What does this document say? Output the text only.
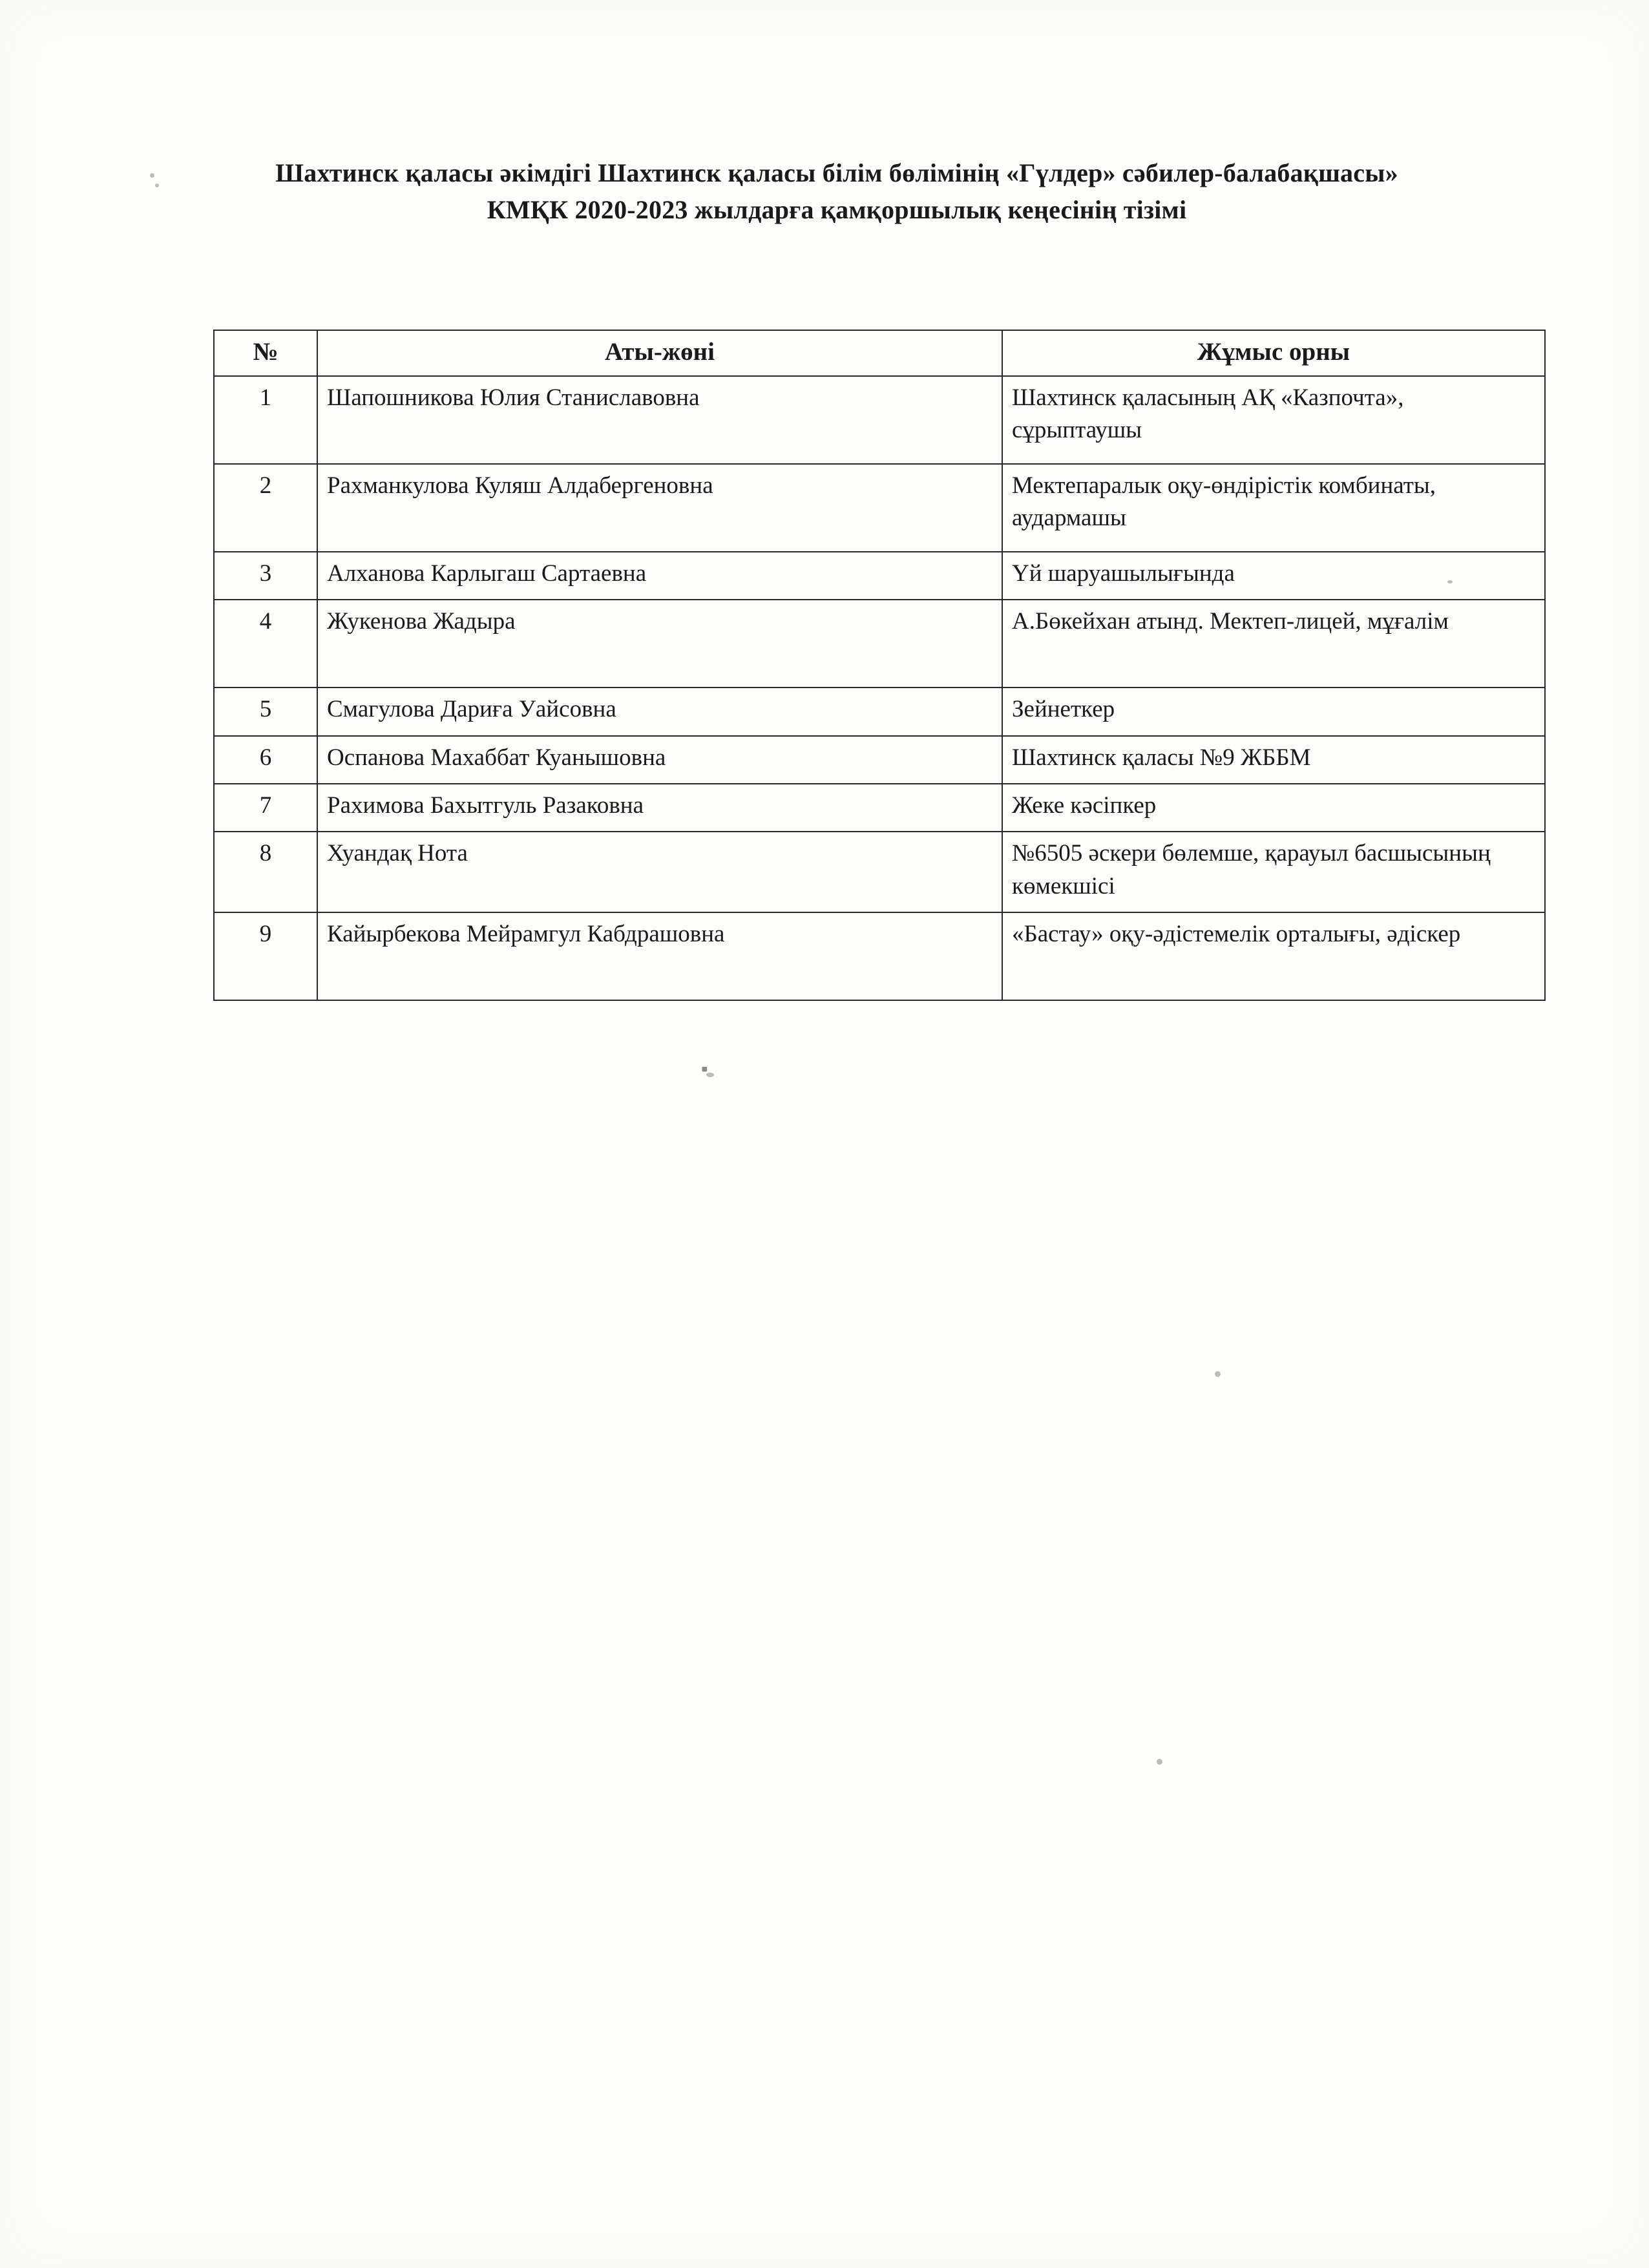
Шахтинск қаласы әкімдігі Шахтинск қаласы білім бөлімінің «Гүлдер» сәбилер-балабақшасы» КМҚК 2020-2023 жылдарға қамқоршылық кеңесінің тізімі
№	Аты-жөні	Жұмыс орны
1	Шапошникова Юлия Станиславовна	Шахтинск қаласының АҚ «Казпочта», сұрыптаушы
2	Рахманкулова Куляш Алдабергеновна	Мектепаралык оқу-өндірістік комбинаты, аудармашы
3	Алханова Карлыгаш Сартаевна	Үй шаруашылығында
4	Жукенова Жадыра	А.Бөкейхан атынд. Мектеп-лицей, мұғалім
5	Смагулова Дариға Уайсовна	Зейнеткер
6	Оспанова Махаббат Куанышовна	Шахтинск қаласы №9 ЖББМ
7	Рахимова Бахытгуль Разаковна	Жеке кәсіпкер
8	Хуандақ Нота	№6505 әскери бөлемше, қарауыл басшысының көмекшісі
9	Кайырбекова Мейрамгул Кабдрашовна	«Бастау» оқу-әдістемелік орталығы, әдіскер
▪
